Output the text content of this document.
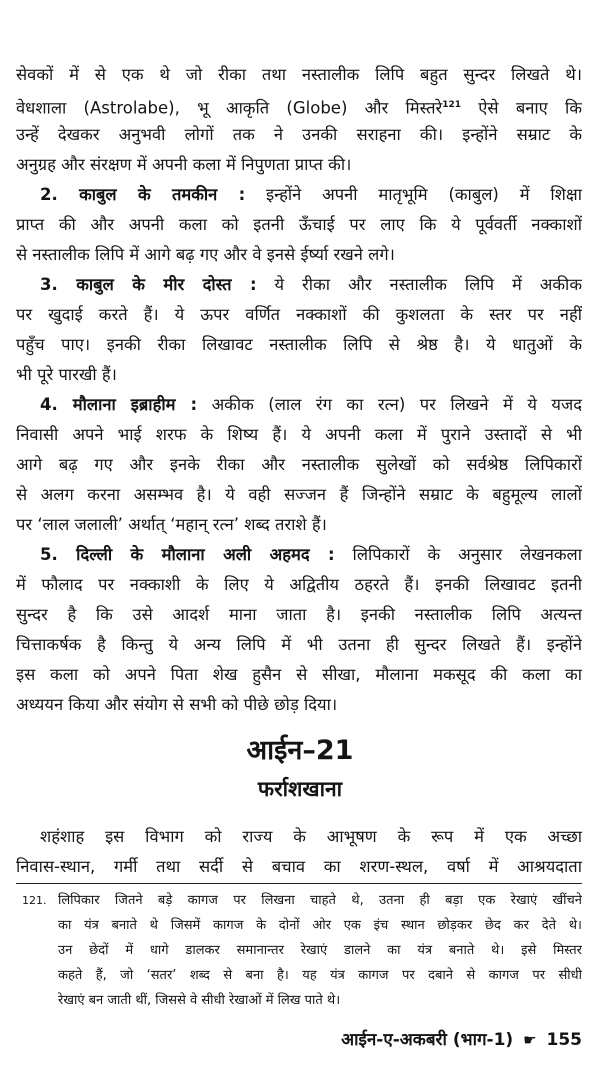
सेवकों में से एक थे जो रीका तथा नस्तालीक लिपि बहुत सुन्दर लिखते थे।
वेधशाला (Astrolabe), भू आकृति (Globe) और मिस्तरे$^{121}$ ऐसे बनाए कि
उन्हें देखकर अनुभवी लोगों तक ने उनकी सराहना की। इन्होंने सम्राट के
अनुग्रह और संरक्षण में अपनी कला में निपुणता प्राप्त की।
2. काबुल के तमकीन : इन्होंने अपनी मातृभूमि (काबुल) में शिक्षा
प्राप्त की और अपनी कला को इतनी ऊँचाई पर लाए कि ये पूर्ववर्ती नक्काशों
से नस्तालीक लिपि में आगे बढ़ गए और वे इनसे ईर्ष्या रखने लगे।
3. काबुल के मीर दोस्त : ये रीका और नस्तालीक लिपि में अकीक
पर खुदाई करते हैं। ये ऊपर वर्णित नक्काशों की कुशलता के स्तर पर नहीं
पहुँच पाए। इनकी रीका लिखावट नस्तालीक लिपि से श्रेष्ठ है। ये धातुओं के
भी पूरे पारखी हैं।
4. मौलाना इब्राहीम : अकीक (लाल रंग का रत्न) पर लिखने में ये यजद
निवासी अपने भाई शरफ के शिष्य हैं। ये अपनी कला में पुराने उस्तादों से भी
आगे बढ़ गए और इनके रीका और नस्तालीक सुलेखों को सर्वश्रेष्ठ लिपिकारों
से अलग करना असम्भव है। ये वही सज्जन हैं जिन्होंने सम्राट के बहुमूल्य लालों
पर ‘लाल जलाली’ अर्थात् ‘महान् रत्न’ शब्द तराशे हैं।
5. दिल्ली के मौलाना अली अहमद : लिपिकारों के अनुसार लेखनकला
में फौलाद पर नक्काशी के लिए ये अद्वितीय ठहरते हैं। इनकी लिखावट इतनी
सुन्दर है कि उसे आदर्श माना जाता है। इनकी नस्तालीक लिपि अत्यन्त
चित्ताकर्षक है किन्तु ये अन्य लिपि में भी उतना ही सुन्दर लिखते हैं। इन्होंने
इस कला को अपने पिता शेख हुसैन से सीखा, मौलाना मकसूद की कला का
अध्ययन किया और संयोग से सभी को पीछे छोड़ दिया।
आईन–21
फर्राशखाना
शहंशाह इस विभाग को राज्य के आभूषण के रूप में एक अच्छा
निवास-स्थान, गर्मी तथा सर्दी से बचाव का शरण-स्थल, वर्षा में आश्रयदाता
121. लिपिकार जितने बड़े कागज पर लिखना चाहते थे, उतना ही बड़ा एक रेखाएं खींचने
का यंत्र बनाते थे जिसमें कागज के दोनों ओर एक इंच स्थान छोड़कर छेद कर देते थे।
उन छेदों में धागे डालकर समानान्तर रेखाएं डालने का यंत्र बनाते थे। इसे मिस्तर
कहते हैं, जो ‘सतर’ शब्द से बना है। यह यंत्र कागज पर दबाने से कागज पर सीधी
रेखाएं बन जाती थीं, जिससे वे सीधी रेखाओं में लिख पाते थे।
आईन-ए-अकबरी (भाग-1) ☛ 155
